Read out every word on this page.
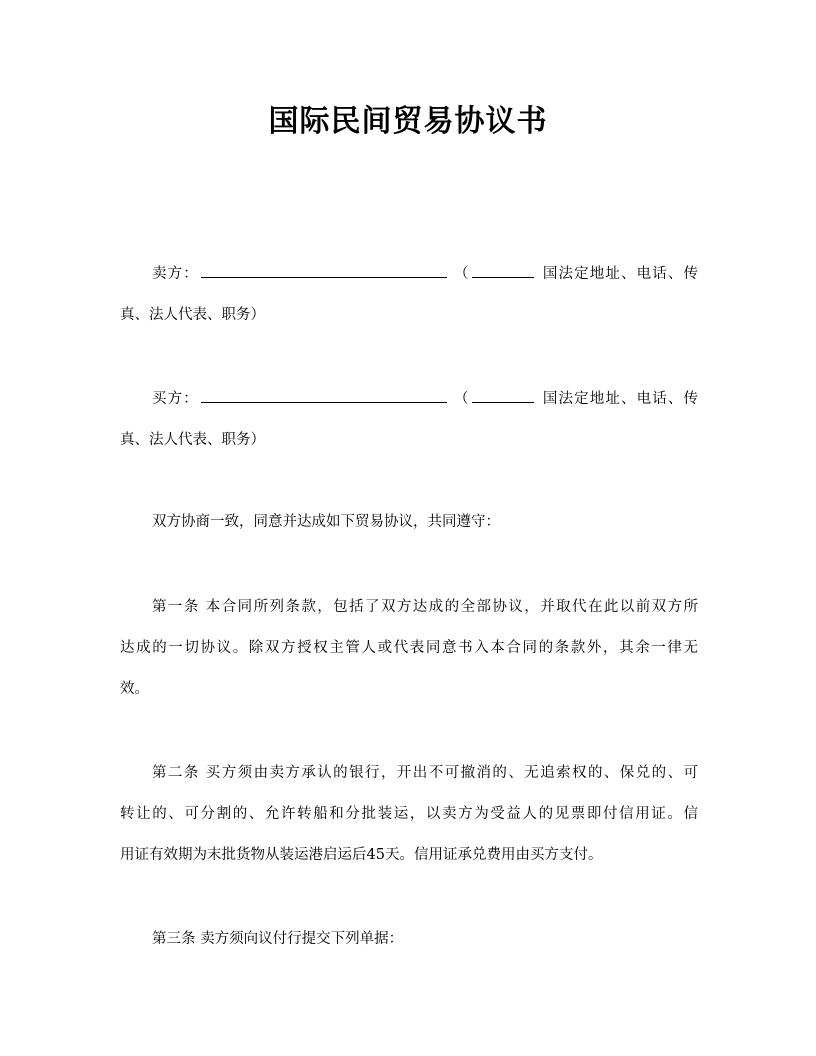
国际民间贸易协议书
卖方：	（	国法定地址、电话、传
真、法人代表、职务）
买方：	（	国法定地址、电话、传
真、法人代表、职务）
双方协商一致，同意并达成如下贸易协议，共同遵守：
第一条 本合同所列条款，包括了双方达成的全部协议，并取代在此以前双方所
达成的一切协议。除双方授权主管人或代表同意书入本合同的条款外，其余一律无
效。
第二条 买方须由卖方承认的银行，开出不可撤消的、无追索权的、保兑的、可
转让的、可分割的、允许转船和分批装运，以卖方为受益人的见票即付信用证。信
用证有效期为末批货物从装运港启运后45天。信用证承兑费用由买方支付。
第三条 卖方须向议付行提交下列单据：
